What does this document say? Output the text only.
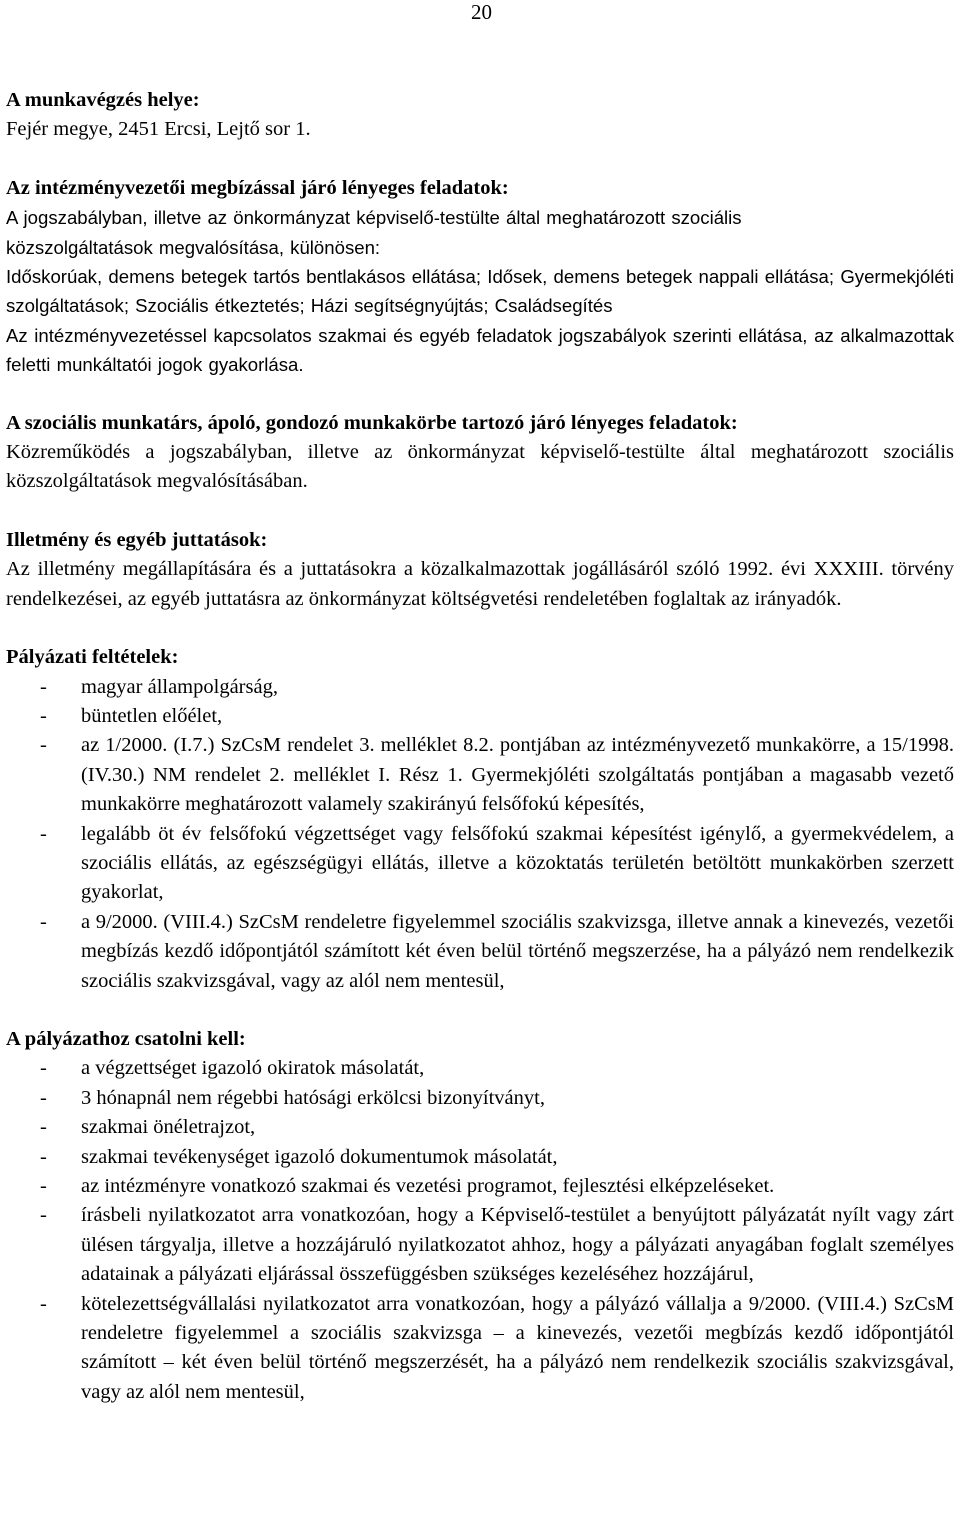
20
A munkavégzés helye:
Fejér megye, 2451 Ercsi, Lejtő sor 1.
Az intézményvezetői megbízással járó lényeges feladatok:
A jogszabályban, illetve az önkormányzat képviselő-testülte által meghatározott szociális
közszolgáltatások megvalósítása, különösen:
Időskorúak, demens betegek tartós bentlakásos ellátása; Idősek, demens betegek nappali ellátása; Gyermekjóléti szolgáltatások; Szociális étkeztetés; Házi segítségnyújtás; Családsegítés
Az intézményvezetéssel kapcsolatos szakmai és egyéb feladatok jogszabályok szerinti ellátása, az alkalmazottak feletti munkáltatói jogok gyakorlása.
A szociális munkatárs, ápoló, gondozó munkakörbe tartozó járó lényeges feladatok:
Közreműködés a jogszabályban, illetve az önkormányzat képviselő-testülte által meghatározott szociális közszolgáltatások megvalósításában.
Illetmény és egyéb juttatások:
Az illetmény megállapítására és a juttatásokra a közalkalmazottak jogállásáról szóló 1992. évi XXXIII. törvény rendelkezései, az egyéb juttatásra az önkormányzat költségvetési rendeletében foglaltak az irányadók.
Pályázati feltételek:
- magyar állampolgárság,
- büntetlen előélet,
- az 1/2000. (I.7.) SzCsM rendelet 3. melléklet 8.2. pontjában az intézményvezető munkakörre, a 15/1998. (IV.30.) NM rendelet 2. melléklet I. Rész 1. Gyermekjóléti szolgáltatás pontjában a magasabb vezető munkakörre meghatározott valamely szakirányú felsőfokú képesítés,
- legalább öt év felsőfokú végzettséget vagy felsőfokú szakmai képesítést igénylő, a gyermekvédelem, a szociális ellátás, az egészségügyi ellátás, illetve a közoktatás területén betöltött munkakörben szerzett gyakorlat,
- a 9/2000. (VIII.4.) SzCsM rendeletre figyelemmel szociális szakvizsga, illetve annak a kinevezés, vezetői megbízás kezdő időpontjától számított két éven belül történő megszerzése, ha a pályázó nem rendelkezik szociális szakvizsgával, vagy az alól nem mentesül,
A pályázathoz csatolni kell:
- a végzettséget igazoló okiratok másolatát,
- 3 hónapnál nem régebbi hatósági erkölcsi bizonyítványt,
- szakmai önéletrajzot,
- szakmai tevékenységet igazoló dokumentumok másolatát,
- az intézményre vonatkozó szakmai és vezetési programot, fejlesztési elképzeléseket.
- írásbeli nyilatkozatot arra vonatkozóan, hogy a Képviselő-testület a benyújtott pályázatát nyílt vagy zárt ülésen tárgyalja, illetve a hozzájáruló nyilatkozatot ahhoz, hogy a pályázati anyagában foglalt személyes adatainak a pályázati eljárással összefüggésben szükséges kezeléséhez hozzájárul,
- kötelezettségvállalási nyilatkozatot arra vonatkozóan, hogy a pályázó vállalja a 9/2000. (VIII.4.) SzCsM rendeletre figyelemmel a szociális szakvizsga – a kinevezés, vezetői megbízás kezdő időpontjától számított – két éven belül történő megszerzését, ha a pályázó nem rendelkezik szociális szakvizsgával, vagy az alól nem mentesül,
